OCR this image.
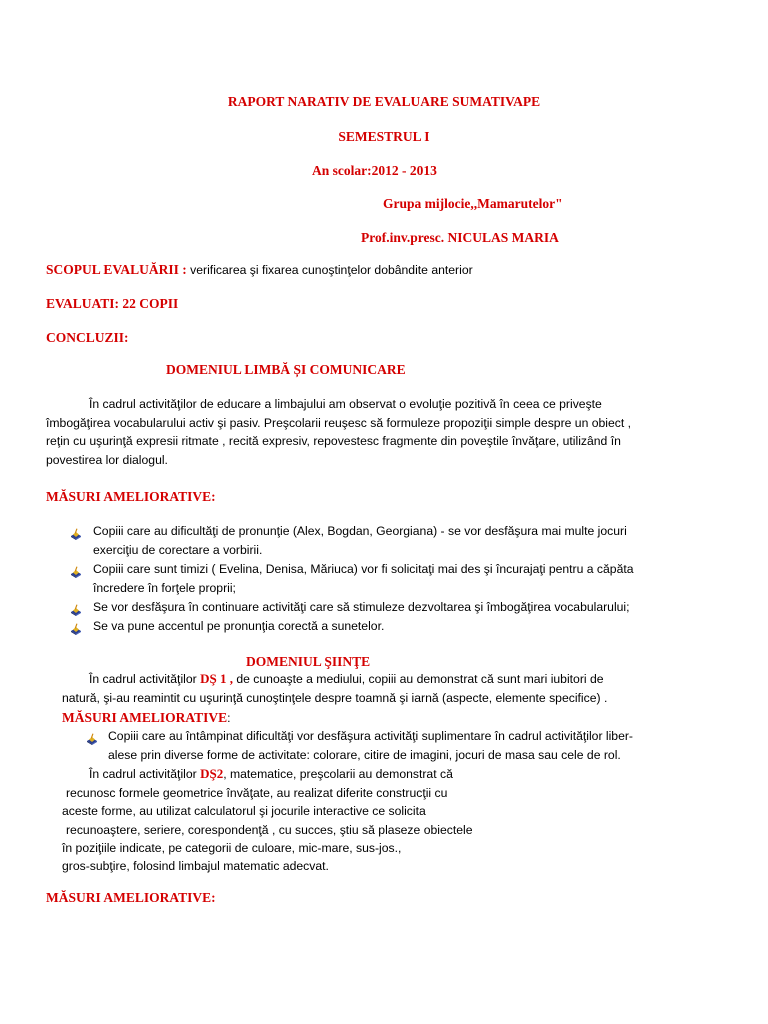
RAPORT NARATIV DE EVALUARE SUMATIVAPE
SEMESTRUL I
An scolar:2012 - 2013
Grupa mijlocie,,Mamarutelor"
Prof.inv.presc. NICULAS MARIA
SCOPUL EVALUĂRII : verificarea şi fixarea cunoştinţelor dobândite anterior
EVALUATI: 22 COPII
CONCLUZII:
DOMENIUL LIMBĂ ȘI COMUNICARE
În cadrul activităţilor de educare a limbajului am observat o evoluţie pozitivă în ceea ce priveşte
îmbogăţirea vocabularului activ şi pasiv. Preşcolarii reuşesc să formuleze propoziţii simple despre un obiect ,
reţin cu uşurinţă expresii ritmate , recită expresiv, repovestesc fragmente din poveştile învăţare, utilizând în
povestirea lor dialogul.
MĂSURI AMELIORATIVE:
Copiii care au dificultăţi de pronunţie (Alex, Bogdan, Georgiana) - se vor desfăşura mai multe jocuri
exerciţiu de corectare a vorbirii.
Copiii care sunt timizi ( Evelina, Denisa, Măriuca) vor fi solicitaţi mai des şi încurajaţi pentru a căpăta
încredere în forţele proprii;
Se vor desfăşura în continuare activităţi care să stimuleze dezvoltarea şi îmbogăţirea vocabularului;
Se va pune accentul pe pronunţia corectă a sunetelor.
DOMENIUL ŞIINŢE
În cadrul activităţilor DŞ 1 , de cunoaşte a mediului, copiii au demonstrat că sunt mari iubitori de
natură, şi-au reamintit cu uşurinţă cunoştinţele despre toamnă şi iarnă (aspecte, elemente specifice) .
MĂSURI AMELIORATIVE:
Copiii care au întâmpinat dificultăţi vor desfăşura activităţi suplimentare în cadrul activităţilor liber-
alese prin diverse forme de activitate: colorare, citire de imagini, jocuri de masa sau cele de rol.
În cadrul activităţilor DŞ2, matematice, preşcolarii au demonstrat că
recunosc formele geometrice învăţate, au realizat diferite construcţii cu
aceste forme, au utilizat calculatorul şi jocurile interactive ce solicita
recunoaştere, seriere, corespondenţă , cu succes, ştiu să plaseze obiectele
în poziţiile indicate, pe categorii de culoare, mic-mare, sus-jos.,
gros-subţire, folosind limbajul matematic adecvat.
MĂSURI AMELIORATIVE:
